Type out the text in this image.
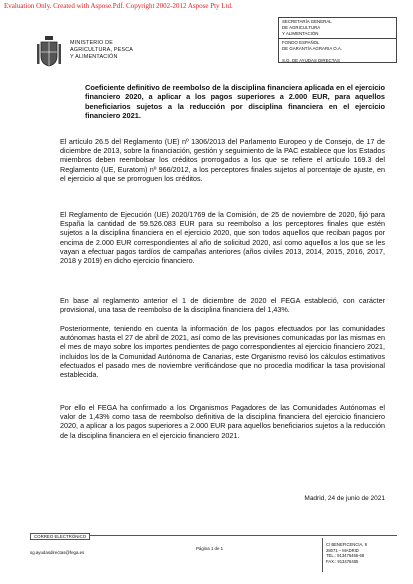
Evaluation Only. Created with Aspose.Pdf. Copyright 2002-2012 Aspose Pty Ltd.
MINISTERIO DE
AGRICULTURA, PESCA
Y ALIMENTACIÓN
SECRETARÍA GENERAL
DE AGRICULTURA
Y ALIMENTACIÓN
FONDO ESPAÑOL
DE GARANTÍA AGRARIA O.A.

S.G. DE AYUDAS DIRECTAS
Coeficiente definitivo de reembolso de la disciplina financiera aplicada en el ejercicio financiero 2020, a aplicar a los pagos superiores a 2.000 EUR, para aquellos beneficiarios sujetos a la reducción por disciplina financiera en el ejercicio financiero 2021.
El artículo 26.5 del Reglamento (UE) nº 1306/2013 del Parlamento Europeo y de Consejo, de 17 de diciembre de 2013, sobre la financiación, gestión y seguimiento de la PAC establece que los Estados miembros deben reembolsar los créditos prorrogados a los que se refiere el artículo 169.3 del Reglamento (UE, Euratom) nº 966/2012, a los perceptores finales sujetos al porcentaje de ajuste, en el ejercicio al que se prorroguen los créditos.
El Reglamento de Ejecución (UE) 2020/1769 de la Comisión, de 25 de noviembre de 2020, fijó para España la cantidad de 59.526.083 EUR para su reembolso a los perceptores finales que estén sujetos a la disciplina financiera en el ejercicio 2020, que son todos aquellos que reciban pagos por encima de 2.000 EUR correspondientes al año de solicitud 2020, así como aquellos a los que se les vayan a efectuar pagos tardíos de campañas anteriores (años civiles 2013, 2014, 2015, 2016, 2017, 2018 y 2019) en dicho ejercicio financiero.
En base al reglamento anterior el 1 de diciembre de 2020 el FEGA estableció, con carácter provisional, una tasa de reembolso de la disciplina financiera del 1,43%.
Posteriormente, teniendo en cuenta la información de los pagos efectuados por las comunidades autónomas hasta el 27 de abril de 2021, así como de las previsiones comunicadas por las mismas en el mes de mayo sobre los importes pendientes de pago correspondientes al ejercicio financiero 2021, incluidos los de la Comunidad Autónoma de Canarias, este Organismo revisó los cálculos estimativos efectuados el pasado mes de noviembre verificándose que no procedía modificar la tasa provisional establecida.
Por ello el FEGA ha confirmado a los Organismos Pagadores de las Comunidades Autónomas el valor de 1,43% como tasa de reembolso definitiva de la disciplina financiera del ejercicio financiero 2020, a aplicar a los pagos superiores a 2.000 EUR para aquellos beneficiarios sujetos a la reducción de la disciplina financiera en el ejercicio financiero 2021.
Madrid, 24 de junio de 2021
CORREO ELECTRÓNICO
sg.ayudasdirectas@fega.es
Página 1 de 1
C/ BENEFICENCIA, 8
28071 – MADRID
TEL.: 913476466-68
FAX.: 913476465
